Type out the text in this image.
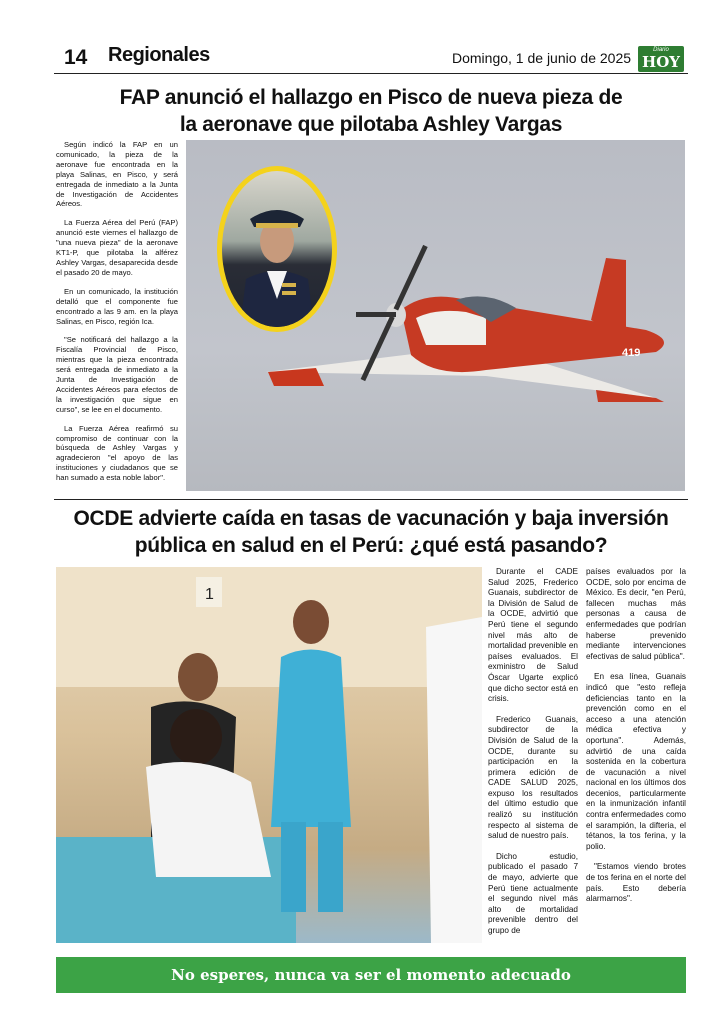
14 Regionales	Domingo, 1 de junio de 2025	Diario
HOY
FAP anunció el hallazgo en Pisco de nueva pieza de
la aeronave que pilotaba Ashley Vargas

Según indicó la FAP en un comunicado, la pieza de la aeronave fue encontrada en la playa Salinas, en Pisco, y será entregada de inmediato a la Junta de Investigación de Accidentes Aéreos.

La Fuerza Aérea del Perú (FAP) anunció este viernes el hallazgo de "una nueva pieza" de la aeronave KT1-P, que pilotaba la alférez Ashley Vargas, desaparecida desde el pasado 20 de mayo.

En un comunicado, la institución detalló que el componente fue encontrado a las 9 am. en la playa Salinas, en Pisco, región Ica.

"Se notificará del hallazgo a la Fiscalía Provincial de Pisco, mientras que la pieza encontrada será entregada de inmediato a la Junta de Investigación de Accidentes Aéreos para efectos de la investigación que sigue en curso", se lee en el documento.

La Fuerza Aérea reafirmó su compromiso de continuar con la búsqueda de Ashley Vargas y agradecieron "el apoyo de las instituciones y ciudadanos que se han sumado a esta noble labor".

419
OCDE advierte caída en tasas de vacunación y baja inversión
pública en salud en el Perú: ¿qué está pasando?
1

Durante el CADE Salud 2025, Frederico Guanais, subdirector de la División de Salud de la OCDE, advirtió que Perú tiene el segundo nivel más alto de mortalidad prevenible en países evaluados. El exministro de Salud Óscar Ugarte explicó que dicho sector está en crisis.

Frederico Guanais, subdirector de la División de Salud de la OCDE, durante su participación en la primera edición de CADE SALUD 2025, expuso los resultados del último estudio que realizó su institución respecto al sistema de salud de nuestro país.

Dicho estudio, publicado el pasado 7 de mayo, advierte que Perú tiene actualmente el segundo nivel más alto de mortalidad prevenible dentro del grupo de

países evaluados por la OCDE, solo por encima de México. Es decir, "en Perú, fallecen muchas más personas a causa de enfermedades que podrían haberse prevenido mediante intervenciones efectivas de salud pública".

En esa línea, Guanais indicó que "esto refleja deficiencias tanto en la prevención como en el acceso a una atención médica efectiva y oportuna". Además, advirtió de una caída sostenida en la cobertura de vacunación a nivel nacional en los últimos dos decenios, particularmente en la inmunización infantil contra enfermedades como el sarampión, la difteria, el tétanos, la tos ferina, y la polio.

"Estamos viendo brotes de tos ferina en el norte del país. Esto debería alarmarnos".

No esperes, nunca va ser el momento adecuado
